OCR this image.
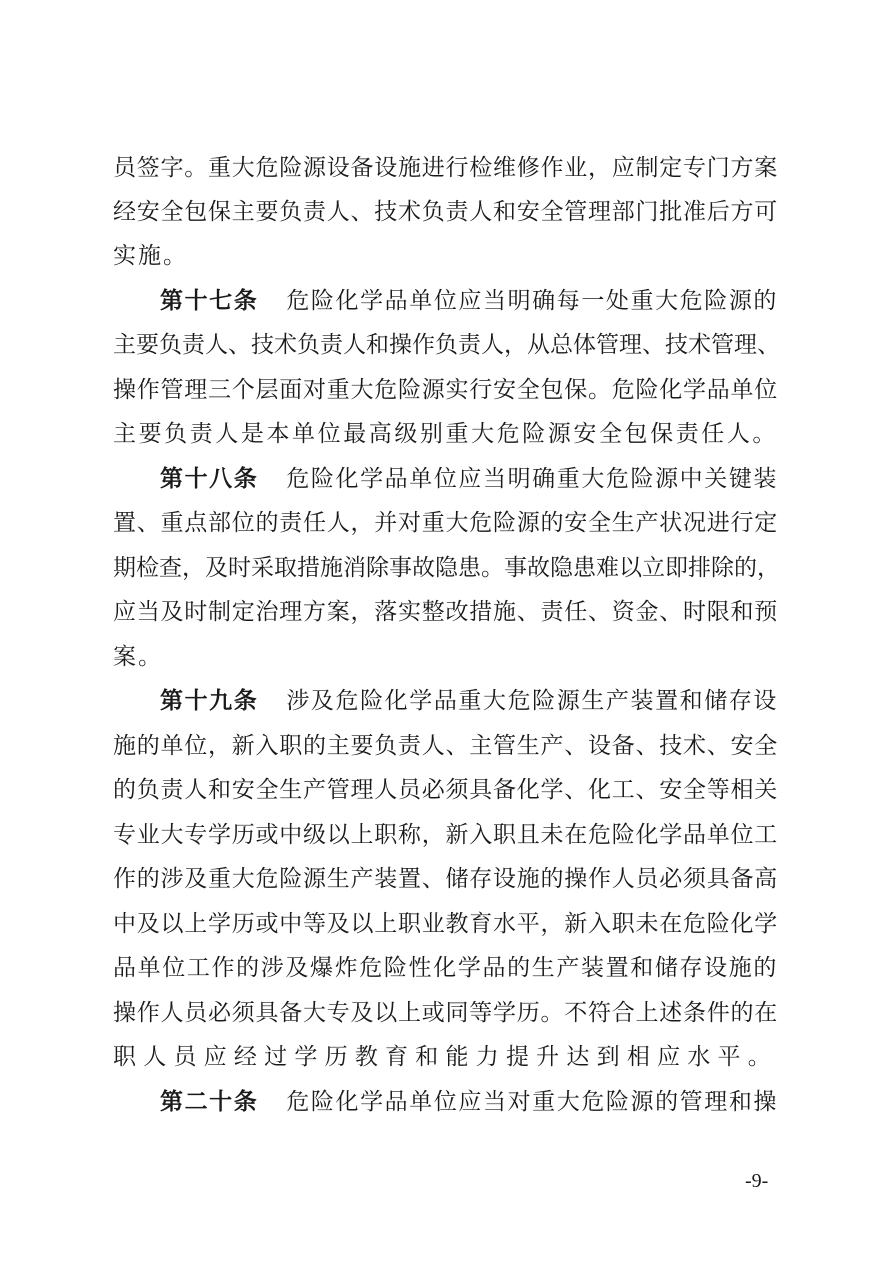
员签字。重大危险源设备设施进行检维修作业，应制定专门方案
经安全包保主要负责人、技术负责人和安全管理部门批准后方可
实施。
第十七条 危险化学品单位应当明确每一处重大危险源的
主要负责人、技术负责人和操作负责人，从总体管理、技术管理、
操作管理三个层面对重大危险源实行安全包保。危险化学品单位
主要负责人是本单位最高级别重大危险源安全包保责任人。
第十八条 危险化学品单位应当明确重大危险源中关键装
置、重点部位的责任人，并对重大危险源的安全生产状况进行定
期检查，及时采取措施消除事故隐患。事故隐患难以立即排除的，
应当及时制定治理方案，落实整改措施、责任、资金、时限和预
案。
第十九条 涉及危险化学品重大危险源生产装置和储存设
施的单位，新入职的主要负责人、主管生产、设备、技术、安全
的负责人和安全生产管理人员必须具备化学、化工、安全等相关
专业大专学历或中级以上职称，新入职且未在危险化学品单位工
作的涉及重大危险源生产装置、储存设施的操作人员必须具备高
中及以上学历或中等及以上职业教育水平，新入职未在危险化学
品单位工作的涉及爆炸危险性化学品的生产装置和储存设施的
操作人员必须具备大专及以上或同等学历。不符合上述条件的在
职人员应经过学历教育和能力提升达到相应水平。
第二十条 危险化学品单位应当对重大危险源的管理和操
-9-
